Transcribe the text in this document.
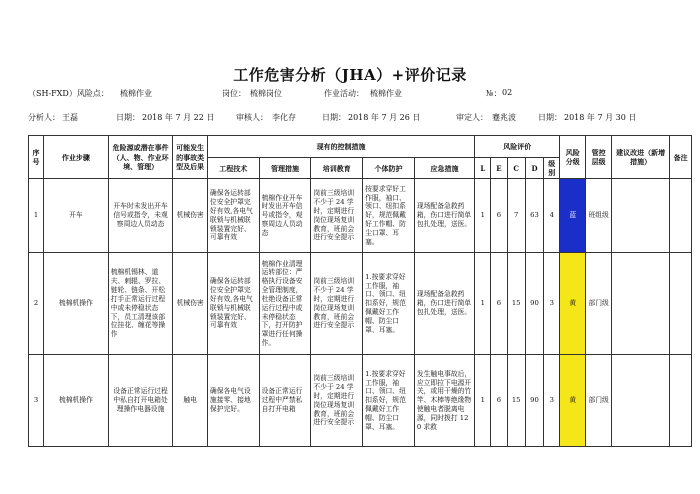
工作危害分析（JHA）+评价记录
（SH-FXD）风险点： 梳棉作业	岗位： 梳棉岗位	作业活动： 梳棉作业	№： 02
分析人： 王磊	日期： 2018 年 7 月 22 日	审核人： 李化存	日期： 2018 年 7 月 26 日	审定人： 蹇兆波	日期： 2018 年 7 月 30 日
序号	作业步骤	危险源或潜在事件（人、物、作业环境、管理）	可能发生的事故类型及后果	现有的控制措施					风险评价					风险分级	管控层级	建议改进（新增措施）	备注
				工程技术	管理措施	培训教育	个体防护	应急措施	L	E	C	D	级别				
1	开车	开车时未发出开车信号或指令，未观察周边人员动态	机械伤害	确保各运转部位安全护罩完好有效,各电气联锁与机械联锁装置完好、可靠有效	梳棉作业开车时发出开车信号或指令，观察周边人员动态	岗前三级培训不少于 24 学时，定期进行岗位现场复训教育，班前会进行安全提示	按要求穿好工作服，袖口、领口、纽扣系好，规范佩戴好工作帽、防尘口罩、耳塞。	现场配备急救药箱，伤口进行简单包扎处理，送医。	1	6	7	63	4	蓝	班组级		
2	梳棉机操作	梳棉机锡林、道夫、刺辊、罗拉、链轮、链条、开松打手正常运行过程中或未停稳状态下，员工清理该部位挂花、缠花等操作	机械伤害	确保各运转部位安全护罩完好有效,各电气联锁与机械联锁装置完好、可靠有效	梳棉作业清理运转部位：严格执行设备安全管理制度，杜绝设备正常运行过程中或未停稳状态下，打开防护罩进行任何操作。	岗前三级培训不少于 24 学时，定期进行岗位现场复训教育，班前会进行安全提示	1.按要求穿好工作服，袖口、领口、纽扣系好，规范佩戴好工作帽、防尘口罩、耳塞。	现场配备急救药箱，伤口进行简单包扎处理，送医。	1	6	15	90	3	黄	部门级		
3	梳棉机操作	设备正常运行过程中私自打开电箱处理操作电器设施	触电	确保各电气设施接零、接地保护完好。	设备正常运行过程中严禁私自打开电箱	岗前三级培训不少于 24 学时，定期进行岗位现场复训教育，班前会进行安全提示	1.按要求穿好工作服，袖口、领口、纽扣系好，规范佩戴好工作帽、防尘口罩、耳塞。	发生触电事故后，应立即拉下电源开关，或用干燥的竹竿、木棒等绝缘物使触电者脱离电源，同时拨打 120 求救	1	6	15	90	3	黄	部门级		
